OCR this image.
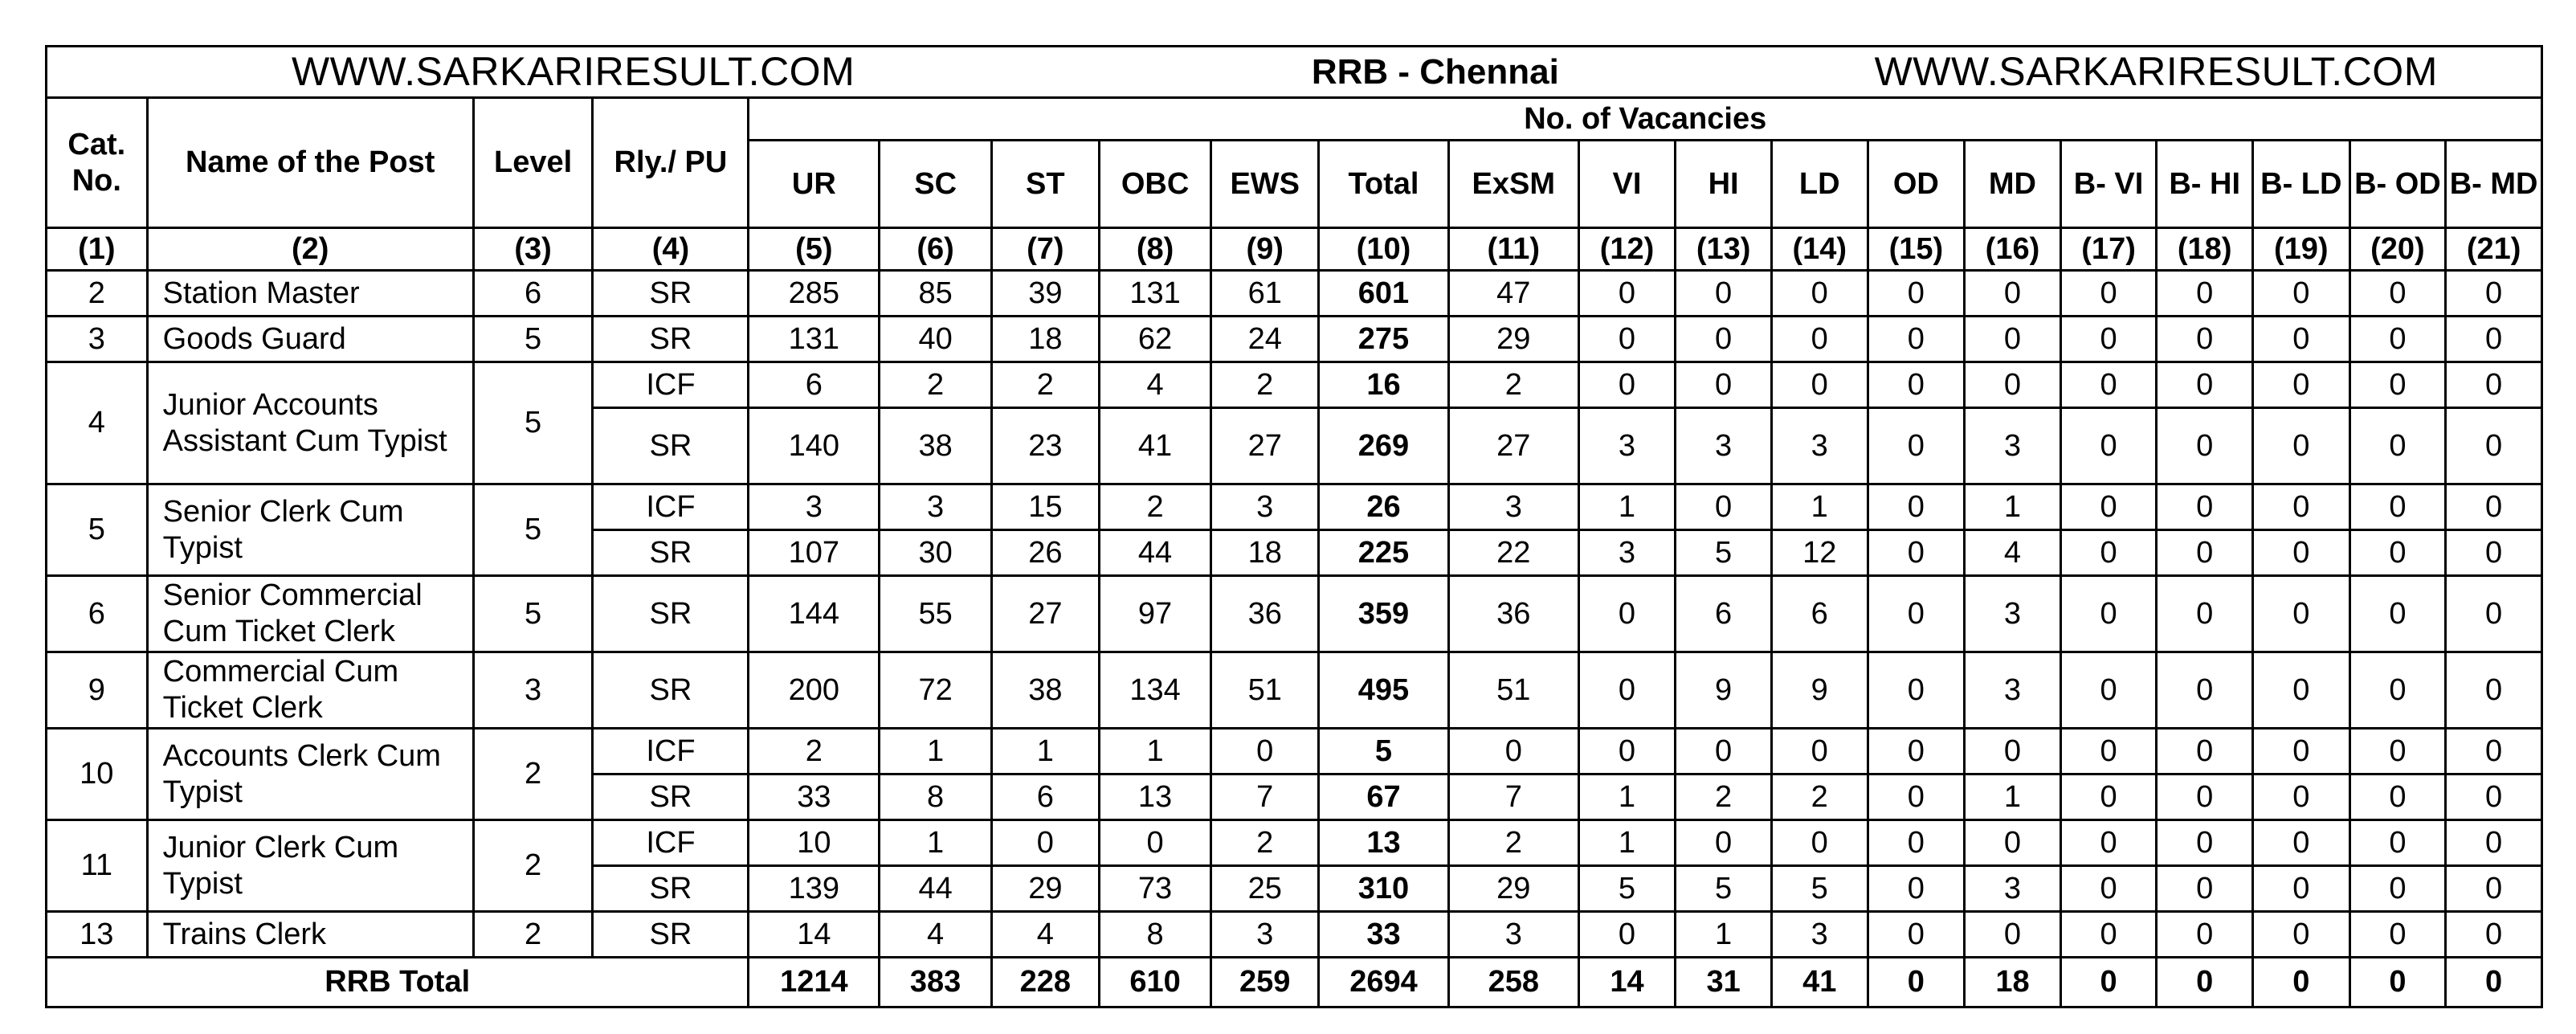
WWW.SARKARIRESULT.COM							RRB - Chennai						WWW.SARKARIRESULT.COM							
Cat. No.	Name of the Post	Level	Rly./ PU	No. of Vacancies																
				UR	SC	ST	OBC	EWS	Total	ExSM	VI	HI	LD	OD	MD	B- VI	B- HI	B- LD	B- OD	B- MD
(1)	(2)	(3)	(4)	(5)	(6)	(7)	(8)	(9)	(10)	(11)	(12)	(13)	(14)	(15)	(16)	(17)	(18)	(19)	(20)	(21)
2	Station Master	6	SR	285	85	39	131	61	601	47	0	0	0	0	0	0	0	0	0	0
3	Goods Guard	5	SR	131	40	18	62	24	275	29	0	0	0	0	0	0	0	0	0	0
4	Junior Accounts Assistant Cum Typist	5	ICF	6	2	2	4	2	16	2	0	0	0	0	0	0	0	0	0	0
			SR	140	38	23	41	27	269	27	3	3	3	0	3	0	0	0	0	0
5	Senior Clerk Cum Typist	5	ICF	3	3	15	2	3	26	3	1	0	1	0	1	0	0	0	0	0
			SR	107	30	26	44	18	225	22	3	5	12	0	4	0	0	0	0	0
6	Senior Commercial Cum Ticket Clerk	5	SR	144	55	27	97	36	359	36	0	6	6	0	3	0	0	0	0	0
9	Commercial Cum Ticket Clerk	3	SR	200	72	38	134	51	495	51	0	9	9	0	3	0	0	0	0	0
10	Accounts Clerk Cum Typist	2	ICF	2	1	1	1	0	5	0	0	0	0	0	0	0	0	0	0	0
			SR	33	8	6	13	7	67	7	1	2	2	0	1	0	0	0	0	0
11	Junior Clerk Cum Typist	2	ICF	10	1	0	0	2	13	2	1	0	0	0	0	0	0	0	0	0
			SR	139	44	29	73	25	310	29	5	5	5	0	3	0	0	0	0	0
13	Trains Clerk	2	SR	14	4	4	8	3	33	3	0	1	3	0	0	0	0	0	0	0
RRB Total				1214	383	228	610	259	2694	258	14	31	41	0	18	0	0	0	0	0
